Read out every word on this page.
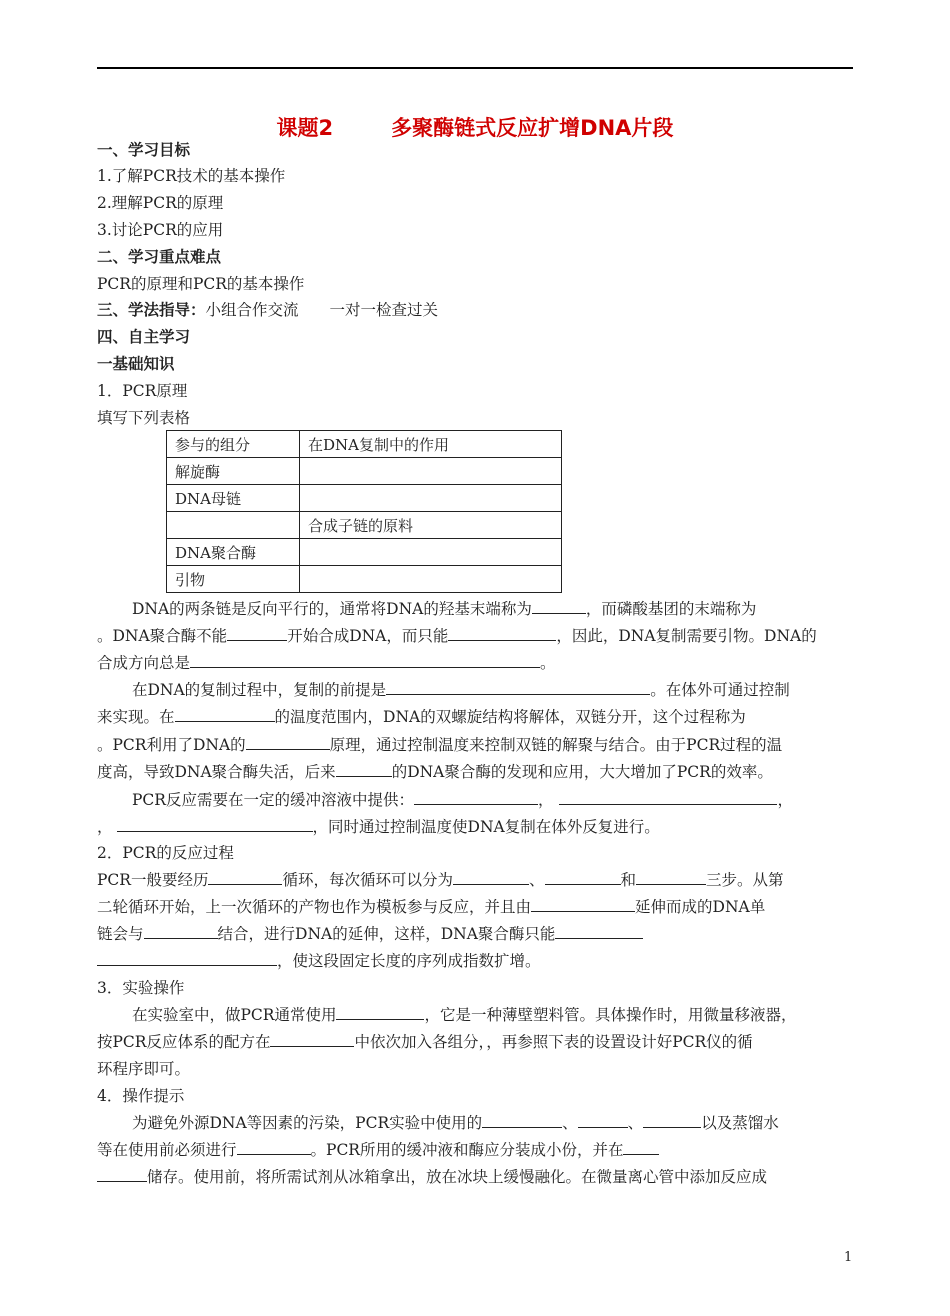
课题2	多聚酶链式反应扩增DNA片段
一、学习目标
1.了解PCR技术的基本操作
2.理解PCR的原理
3.讨论PCR的应用
二、学习重点难点
PCR的原理和PCR的基本操作
三、学法指导：小组合作交流　　一对一检查过关
四、自主学习
一基础知识
1．PCR原理
填写下列表格
参与的组分	在DNA复制中的作用
解旋酶	
DNA母链	
	合成子链的原料
DNA聚合酶	
引物	
DNA的两条链是反向平行的，通常将DNA的羟基末端称为	，而磷酸基团的末端称为
。DNA聚合酶不能	开始合成DNA，而只能	，因此，DNA复制需要引物。DNA的
合成方向总是	。
在DNA的复制过程中，复制的前提是	。在体外可通过控制
来实现。在	的温度范围内，DNA的双螺旋结构将解体，双链分开，这个过程称为
。PCR利用了DNA的	原理，通过控制温度来控制双链的解聚与结合。由于PCR过程的温
度高，导致DNA聚合酶失活，后来	的DNA聚合酶的发现和应用，大大增加了PCR的效率。
PCR反应需要在一定的缓冲溶液中提供：	，	，
，	，同时通过控制温度使DNA复制在体外反复进行。
2．PCR的反应过程
PCR一般要经历	循环，每次循环可以分为	、	和	三步。从第
二轮循环开始，上一次循环的产物也作为模板参与反应，并且由	延伸而成的DNA单
链会与	结合，进行DNA的延伸，这样，DNA聚合酶只能
，使这段固定长度的序列成指数扩增。
3．实验操作
在实验室中，做PCR通常使用	，它是一种薄壁塑料管。具体操作时，用微量移液器，
按PCR反应体系的配方在	中依次加入各组分，，再参照下表的设置设计好PCR仪的循
环程序即可。
4．操作提示
为避免外源DNA等因素的污染，PCR实验中使用的	、	、	以及蒸馏水
等在使用前必须进行	。PCR所用的缓冲液和酶应分装成小份，并在
储存。使用前，将所需试剂从冰箱拿出，放在冰块上缓慢融化。在微量离心管中添加反应成
1
